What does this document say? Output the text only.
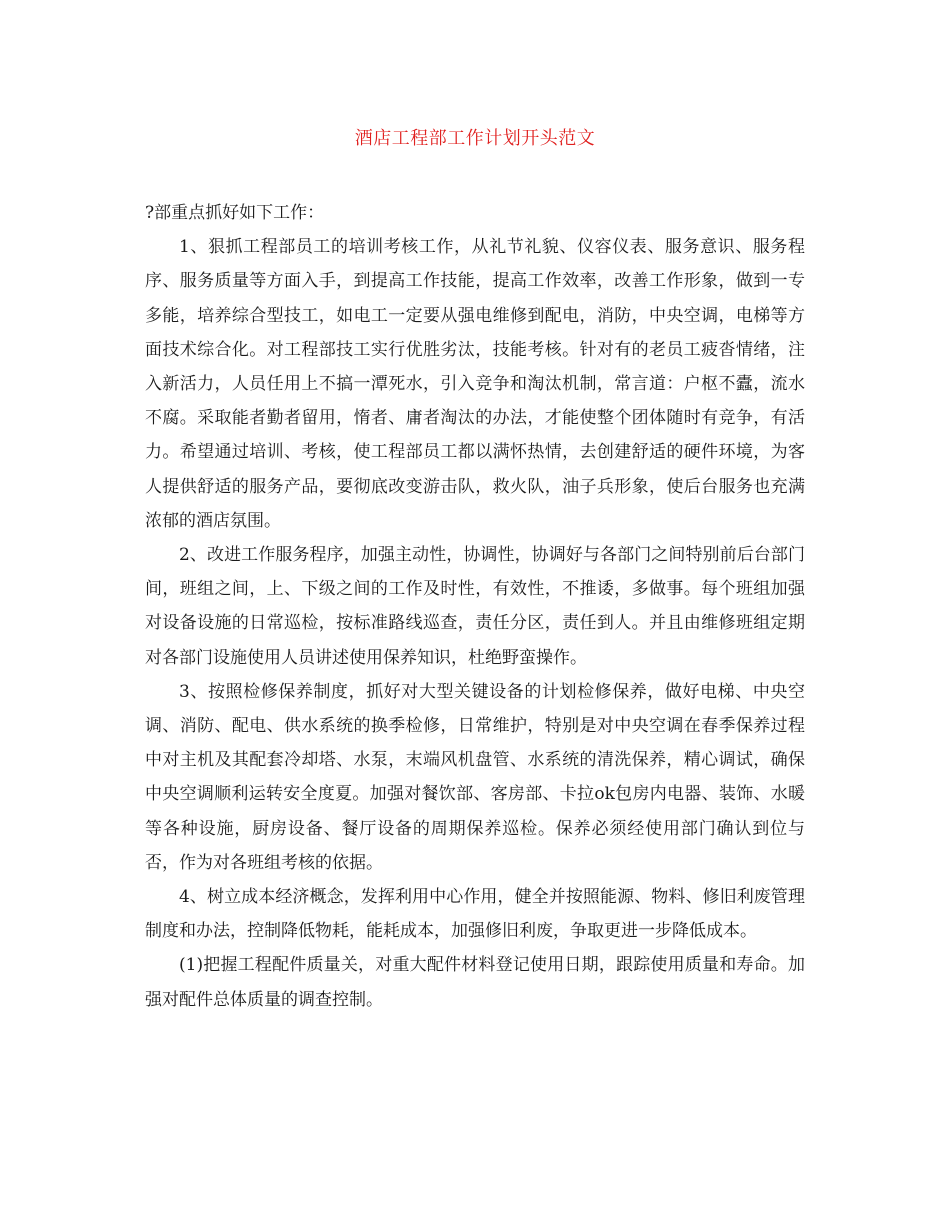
酒店工程部工作计划开头范文

?部重点抓好如下工作：

1、狠抓工程部员工的培训考核工作，从礼节礼貌、仪容仪表、服务意识、服务程序、服务质量等方面入手，到提高工作技能，提高工作效率，改善工作形象，做到一专多能，培养综合型技工，如电工一定要从强电维修到配电，消防，中央空调，电梯等方面技术综合化。对工程部技工实行优胜劣汰，技能考核。针对有的老员工疲沓情绪，注入新活力，人员任用上不搞一潭死水，引入竞争和淘汰机制，常言道：户枢不蠹，流水不腐。采取能者勤者留用，惰者、庸者淘汰的办法，才能使整个团体随时有竞争，有活力。希望通过培训、考核，使工程部员工都以满怀热情，去创建舒适的硬件环境，为客人提供舒适的服务产品，要彻底改变游击队，救火队，油子兵形象，使后台服务也充满浓郁的酒店氛围。

2、改进工作服务程序，加强主动性，协调性，协调好与各部门之间特别前后台部门间，班组之间，上、下级之间的工作及时性，有效性，不推诿，多做事。每个班组加强对设备设施的日常巡检，按标准路线巡查，责任分区，责任到人。并且由维修班组定期对各部门设施使用人员讲述使用保养知识，杜绝野蛮操作。

3、按照检修保养制度，抓好对大型关键设备的计划检修保养，做好电梯、中央空调、消防、配电、供水系统的换季检修，日常维护，特别是对中央空调在春季保养过程中对主机及其配套冷却塔、水泵，末端风机盘管、水系统的清洗保养，精心调试，确保中央空调顺利运转安全度夏。加强对餐饮部、客房部、卡拉ok包房内电器、装饰、水暖等各种设施，厨房设备、餐厅设备的周期保养巡检。保养必须经使用部门确认到位与否，作为对各班组考核的依据。

4、树立成本经济概念，发挥利用中心作用，健全并按照能源、物料、修旧利废管理制度和办法，控制降低物耗，能耗成本，加强修旧利废，争取更进一步降低成本。

(1)把握工程配件质量关，对重大配件材料登记使用日期，跟踪使用质量和寿命。加强对配件总体质量的调查控制。
